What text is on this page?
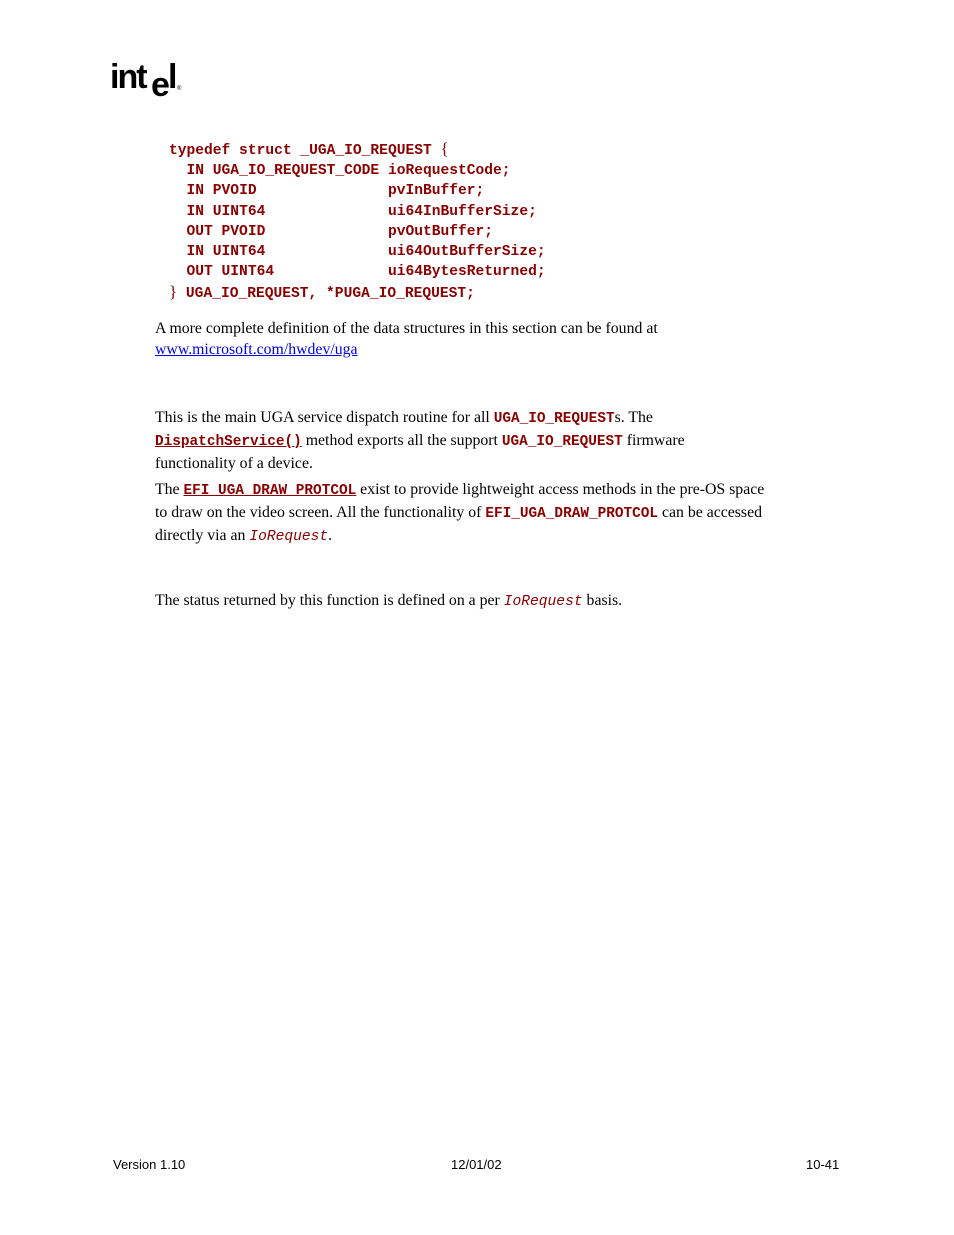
int e
l ®
typedef struct _UGA_IO_REQUEST {
IN UGA_IO_REQUEST_CODE ioRequestCode;
IN PVOID	pvInBuffer;
IN UINT64	ui64InBufferSize;
OUT PVOID	pvOutBuffer;
IN UINT64	ui64OutBufferSize;
OUT UINT64	ui64BytesReturned;
} UGA_IO_REQUEST, *PUGA_IO_REQUEST;

A more complete definition of the data structures in this section can be found at
www.microsoft.com/hwdev/uga

This is the main UGA service dispatch routine for all UGA_IO_REQUESTs. The
DispatchService() method exports all the support UGA_IO_REQUEST firmware
functionality of a device.

The EFI_UGA_DRAW_PROTCOL exist to provide lightweight access methods in the pre-OS space
to draw on the video screen. All the functionality of EFI_UGA_DRAW_PROTCOL can be accessed
directly via an IoRequest.

The status returned by this function is defined on a per IoRequest basis.

Version 1.10	12/01/02	10-41
